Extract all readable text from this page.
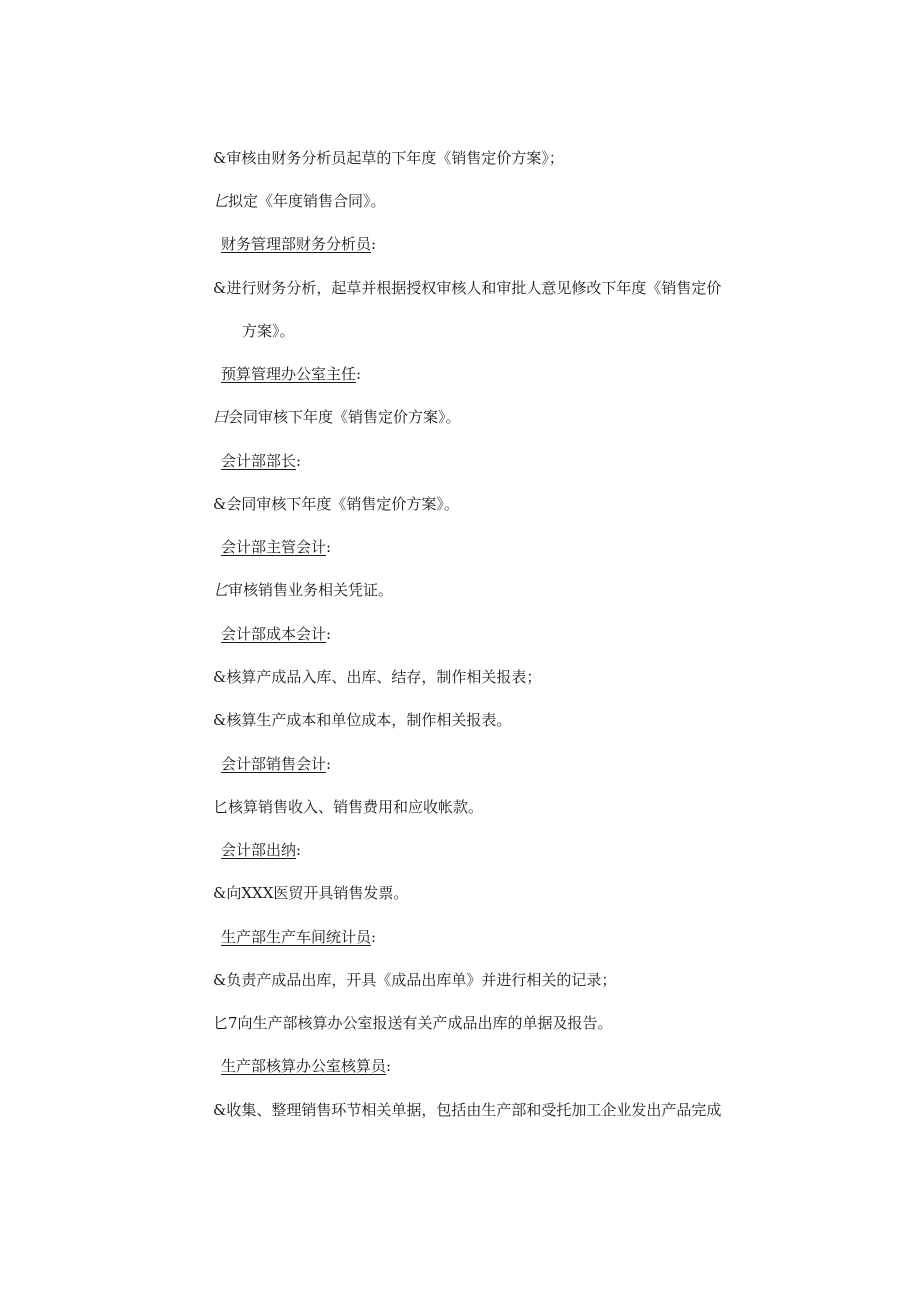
&审核由财务分析员起草的下年度《销售定价方案》；
匕拟定《年度销售合同》。
财务管理部财务分析员:
&进行财务分析，起草并根据授权审核人和审批人意见修改下年度《销售定价
方案》。
预算管理办公室主任:
曰会同审核下年度《销售定价方案》。
会计部部长:
&会同审核下年度《销售定价方案》。
会计部主管会计:
匕审核销售业务相关凭证。
会计部成本会计:
&核算产成品入库、出库、结存，制作相关报表；
&核算生产成本和单位成本，制作相关报表。
会计部销售会计:
匕核算销售收入、销售费用和应收帐款。
会计部出纳:
&向XXX医贸开具销售发票。
生产部生产车间统计员:
&负责产成品出库，开具《成品出库单》并进行相关的记录；
匕7向生产部核算办公室报送有关产成品出库的单据及报告。
生产部核算办公室核算员:
&收集、整理销售环节相关单据，包括由生产部和受托加工企业发出产品完成
